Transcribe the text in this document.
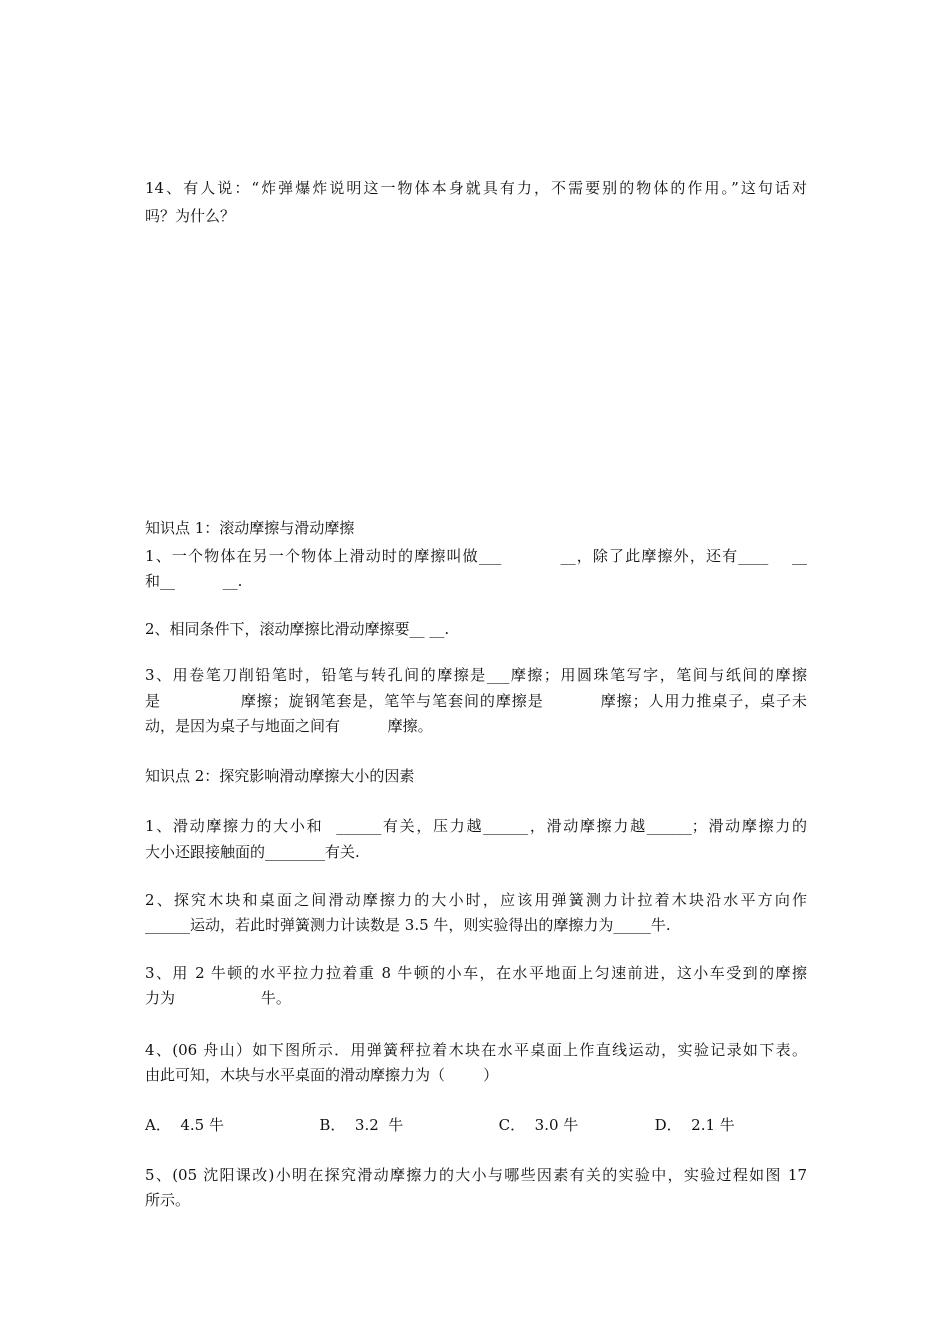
14、有人说：“炸弹爆炸说明这一物体本身就具有力，不需要别的物体的作用。”这句话对
吗？为什么？
知识点 1：滚动摩擦与滑动摩擦
1、一个物体在另一个物体上滑动时的摩擦叫做___          __，除了此摩擦外，还有____    __
和__          __.
2、相同条件下，滚动摩擦比滑动摩擦要__ __.
3、用卷笔刀削铅笔时，铅笔与转孔间的摩擦是___摩擦；用圆珠笔写字，笔间与纸间的摩擦
是              摩擦；旋钢笔套是，笔竿与笔套间的摩擦是          摩擦；人用力推桌子，桌子未
动，是因为桌子与地面之间有          摩擦。
知识点 2：探究影响滑动摩擦大小的因素
1、滑动摩擦力的大小和  ______有关，压力越______，滑动摩擦力越______；滑动摩擦力的
大小还跟接触面的________有关.
2、探究木块和桌面之间滑动摩擦力的大小时，应该用弹簧测力计拉着木块沿水平方向作
______运动，若此时弹簧测力计读数是 3.5 牛，则实验得出的摩擦力为_____牛.
3、用 2 牛顿的水平拉力拉着重 8 牛顿的小车，在水平地面上匀速前进，这小车受到的摩擦
力为                  牛。
4、(06 舟山）如下图所示．用弹簧秤拉着木块在水平桌面上作直线运动，实验记录如下表。
由此可知，木块与水平桌面的滑动摩擦力为（        ）
A．  4.5 牛                    B．  3.2  牛                    C．  3.0 牛                D．  2.1 牛
5、(05 沈阳课改)小明在探究滑动摩擦力的大小与哪些因素有关的实验中，实验过程如图 17
所示。
